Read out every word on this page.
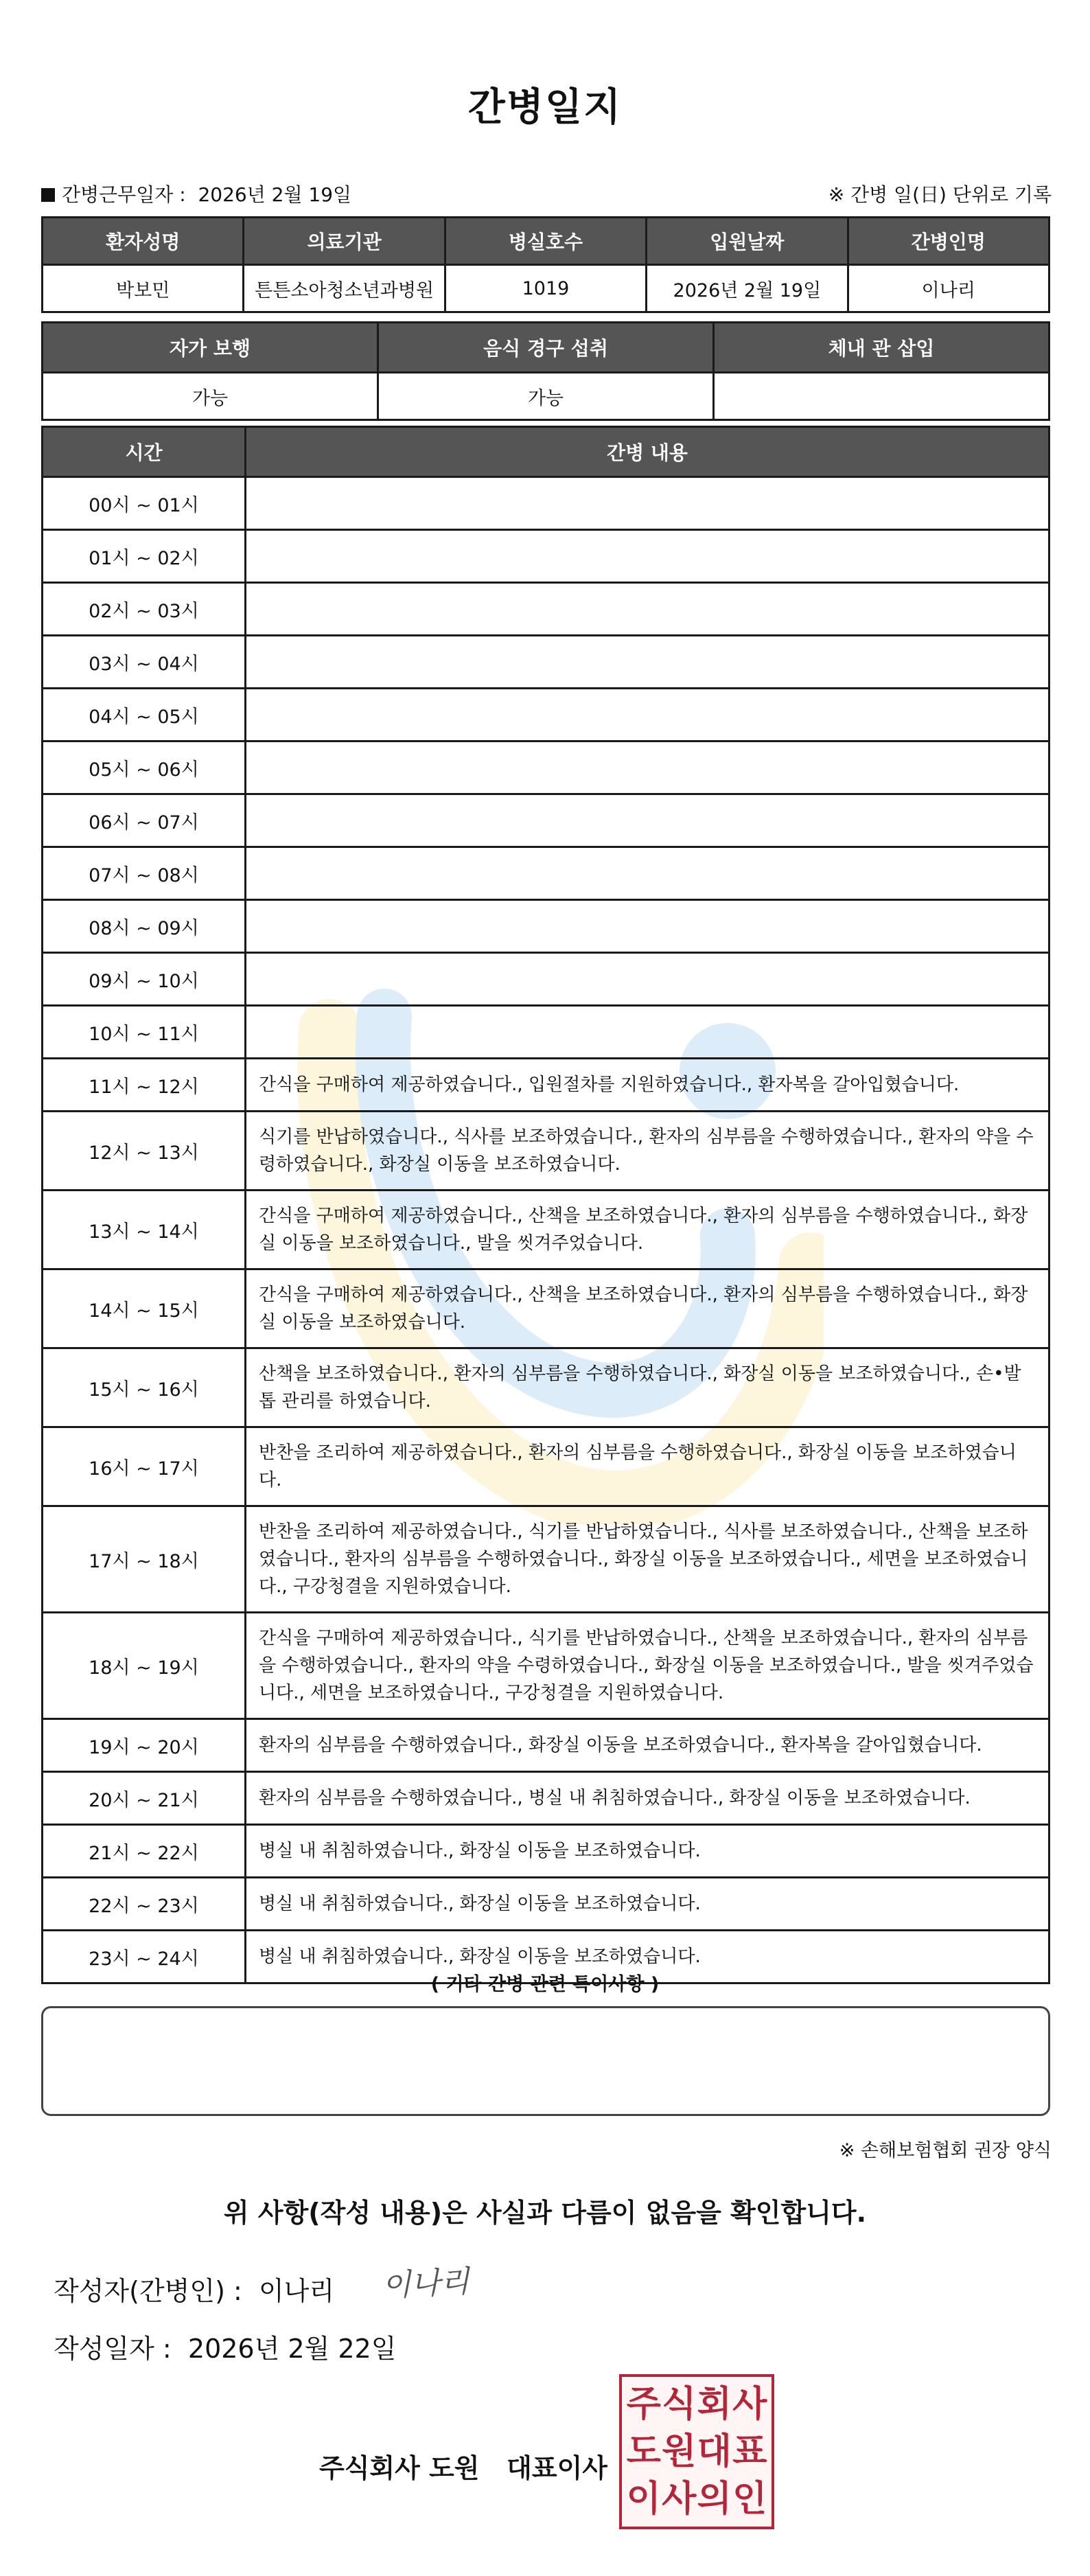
간병일지
간병근무일자 : 2026년 2월 19일	※ 간병 일(日) 단위로 기록
환자성명	의료기관	병실호수	입원날짜	간병인명
박보민	튼튼소아청소년과병원	1019	2026년 2월 19일	이나리
자가 보행	음식 경구 섭취	체내 관 삽입
가능	가능	
시간	간병 내용
00시 ~ 01시	
01시 ~ 02시	
02시 ~ 03시	
03시 ~ 04시	
04시 ~ 05시	
05시 ~ 06시	
06시 ~ 07시	
07시 ~ 08시	
08시 ~ 09시	
09시 ~ 10시	
10시 ~ 11시	
11시 ~ 12시	간식을 구매하여 제공하였습니다., 입원절차를 지원하였습니다., 환자복을 갈아입혔습니다.
12시 ~ 13시	식기를 반납하였습니다., 식사를 보조하였습니다., 환자의 심부름을 수행하였습니다., 환자의 약을 수령하였습니다., 화장실 이동을 보조하였습니다.
13시 ~ 14시	간식을 구매하여 제공하였습니다., 산책을 보조하였습니다., 환자의 심부름을 수행하였습니다., 화장실 이동을 보조하였습니다., 발을 씻겨주었습니다.
14시 ~ 15시	간식을 구매하여 제공하였습니다., 산책을 보조하였습니다., 환자의 심부름을 수행하였습니다., 화장실 이동을 보조하였습니다.
15시 ~ 16시	산책을 보조하였습니다., 환자의 심부름을 수행하였습니다., 화장실 이동을 보조하였습니다., 손•발톱 관리를 하였습니다.
16시 ~ 17시	반찬을 조리하여 제공하였습니다., 환자의 심부름을 수행하였습니다., 화장실 이동을 보조하였습니다.
17시 ~ 18시	반찬을 조리하여 제공하였습니다., 식기를 반납하였습니다., 식사를 보조하였습니다., 산책을 보조하였습니다., 환자의 심부름을 수행하였습니다., 화장실 이동을 보조하였습니다., 세면을 보조하였습니다., 구강청결을 지원하였습니다.
18시 ~ 19시	간식을 구매하여 제공하였습니다., 식기를 반납하였습니다., 산책을 보조하였습니다., 환자의 심부름을 수행하였습니다., 환자의 약을 수령하였습니다., 화장실 이동을 보조하였습니다., 발을 씻겨주었습니다., 세면을 보조하였습니다., 구강청결을 지원하였습니다.
19시 ~ 20시	환자의 심부름을 수행하였습니다., 화장실 이동을 보조하였습니다., 환자복을 갈아입혔습니다.
20시 ~ 21시	환자의 심부름을 수행하였습니다., 병실 내 취침하였습니다., 화장실 이동을 보조하였습니다.
21시 ~ 22시	병실 내 취침하였습니다., 화장실 이동을 보조하였습니다.
22시 ~ 23시	병실 내 취침하였습니다., 화장실 이동을 보조하였습니다.
23시 ~ 24시	병실 내 취침하였습니다., 화장실 이동을 보조하였습니다.
( 기타 간병 관련 특이사항 )
※ 손해보험협회 권장 양식
위 사항(작성 내용)은 사실과 다름이 없음을 확인합니다.
작성자(간병인) : 이나리 이나리
작성일자 : 2026년 2월 22일
주식회사 도원   대표이사
주 식 회 사
도 원 대 표
이 사 의 인
